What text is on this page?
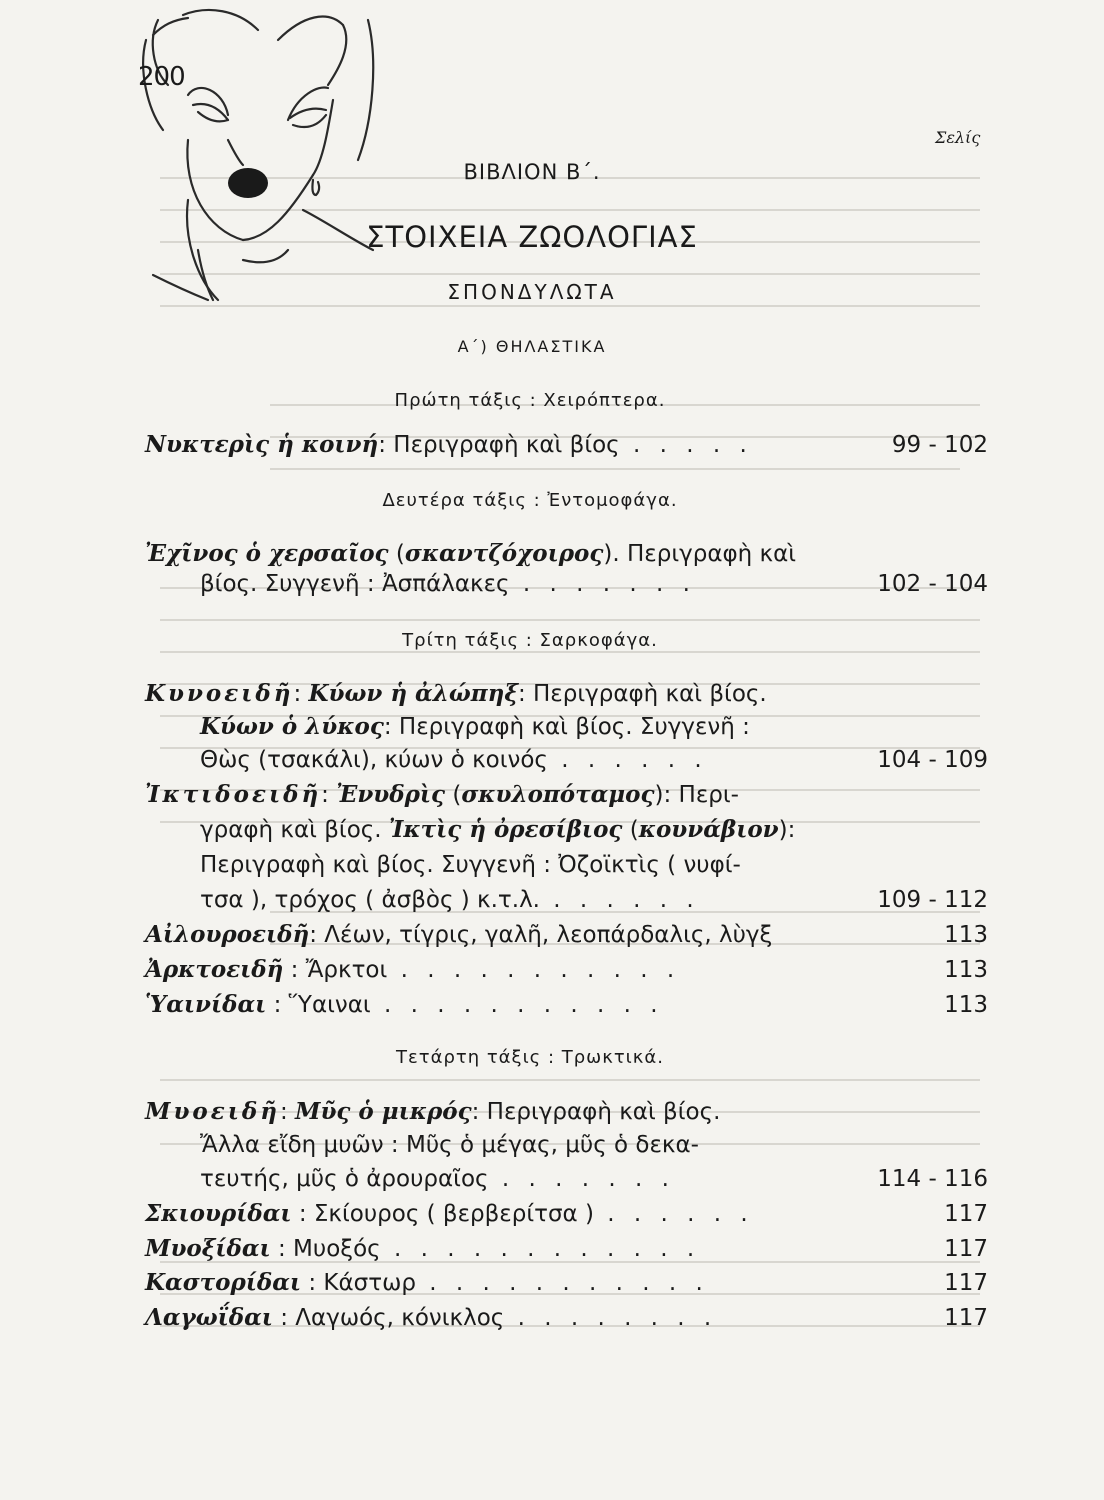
200
Σελίς
ΒΙΒΛΙΟΝ Β΄.
ΣΤΟΙΧΕΙΑ ΖΩΟΛΟΓΙΑΣ
ΣΠΟΝΔΥΛΩΤΑ
Α΄) ΘΗΛΑΣΤΙΚΑ
Πρώτη τάξις : Χειρόπτερα.
Νυκτερὶς ἡ κοινή: Περιγραφὴ καὶ βίος . . . . .	99 - 102
Δευτέρα τάξις : Ἐντομοφάγα.
Ἐχῖνος ὁ χερσαῖος (σκαντζόχοιρος). Περιγραφὴ καὶ
βίος. Συγγενῆ : Ἀσπάλακες . . . . . . .	102 - 104
Τρίτη τάξις : Σαρκοφάγα.
Κυνοειδῆ: Κύων ἡ ἀλώπηξ: Περιγραφὴ καὶ βίος.
Κύων ὁ λύκος: Περιγραφὴ καὶ βίος. Συγγενῆ :
Θὼς (τσακάλι), κύων ὁ κοινός . . . . . .	104 - 109
Ἰκτιδοειδῆ: Ἐνυδρὶς (σκυλοπόταμος): Περι-
γραφὴ καὶ βίος. Ἰκτὶς ἡ ὀρεσίβιος (κουνάβιον):
Περιγραφὴ καὶ βίος. Συγγενῆ : Ὀζοϊκτὶς ( νυφί-
τσα ), τρόχος ( ἀσβὸς ) κ.τ.λ. . . . . . .	109 - 112
Αἰλουροειδῆ: Λέων, τίγρις, γαλῆ, λεοπάρδαλις, λὺγξ	113
Ἀρκτοειδῆ : Ἄρκτοι . . . . . . . . . . .	113
Ὑαινίδαι : Ὕαιναι . . . . . . . . . . .	113
Τετάρτη τάξις : Τρωκτικά.
Μυοειδῆ: Μῦς ὁ μικρός: Περιγραφὴ καὶ βίος.
Ἄλλα εἴδη μυῶν : Μῦς ὁ μέγας, μῦς ὁ δεκα-
τευτής, μῦς ὁ ἀρουραῖος . . . . . . .	114 - 116
Σκιουρίδαι : Σκίουρος ( βερβερίτσα ) . . . . . .	117
Μυοξίδαι : Μυοξός . . . . . . . . . . . .	117
Καστορίδαι : Κάστωρ . . . . . . . . . . .	117
Λαγωΐδαι : Λαγωός, κόνικλος . . . . . . . .	117
